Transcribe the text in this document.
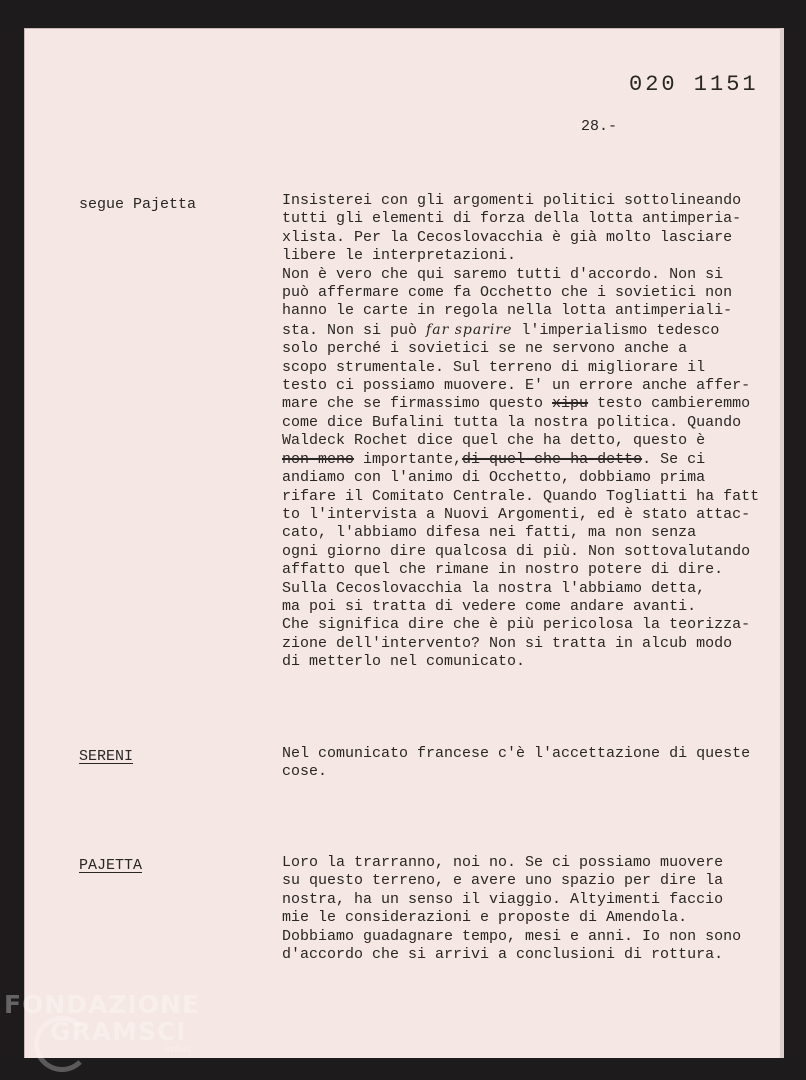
020 1151
28.-
segue Pajetta	Insisterei con gli argomenti politici sottolineando
tutti gli elementi di forza della lotta antimperia-
xlista. Per la Cecoslovacchia è già molto lasciare
libere le interpretazioni.
Non è vero che qui saremo tutti d'accordo. Non si
può affermare come fa Occhetto che i sovietici non
hanno le carte in regola nella lotta antimperiali-
sta. Non si può far sparire l'imperialismo tedesco
solo perché i sovietici se ne servono anche a
scopo strumentale. Sul terreno di migliorare il
testo ci possiamo muovere. E' un errore anche affer-
mare che se firmassimo questo xipu testo cambieremmo
come dice Bufalini tutta la nostra politica. Quando
Waldeck Rochet dice quel che ha detto, questo è
non meno importante,di quel che ha detto. Se ci
andiamo con l'animo di Occhetto, dobbiamo prima
rifare il Comitato Centrale. Quando Togliatti ha fatt
to l'intervista a Nuovi Argomenti, ed è stato attac-
cato, l'abbiamo difesa nei fatti, ma non senza
ogni giorno dire qualcosa di più. Non sottovalutando
affatto quel che rimane in nostro potere di dire.
Sulla Cecoslovacchia la nostra l'abbiamo detta,
ma poi si tratta di vedere come andare avanti.
Che significa dire che è più pericolosa la teorizza-
zione dell'intervento? Non si tratta in alcub modo
di metterlo nel comunicato.
SERENI	Nel comunicato francese c'è l'accettazione di queste
cose.
PAJETTA	Loro la trarranno, noi no. Se ci possiamo muovere
su questo terreno, e avere uno spazio per dire la
nostra, ha un senso il viaggio. Altyimenti faccio
mie le considerazioni e proposte di Amendola.
Dobbiamo guadagnare tempo, mesi e anni. Io non sono
d'accordo che si arrivi a conclusioni di rottura.
FONDAZIONE
GRAMSCI
onlus
